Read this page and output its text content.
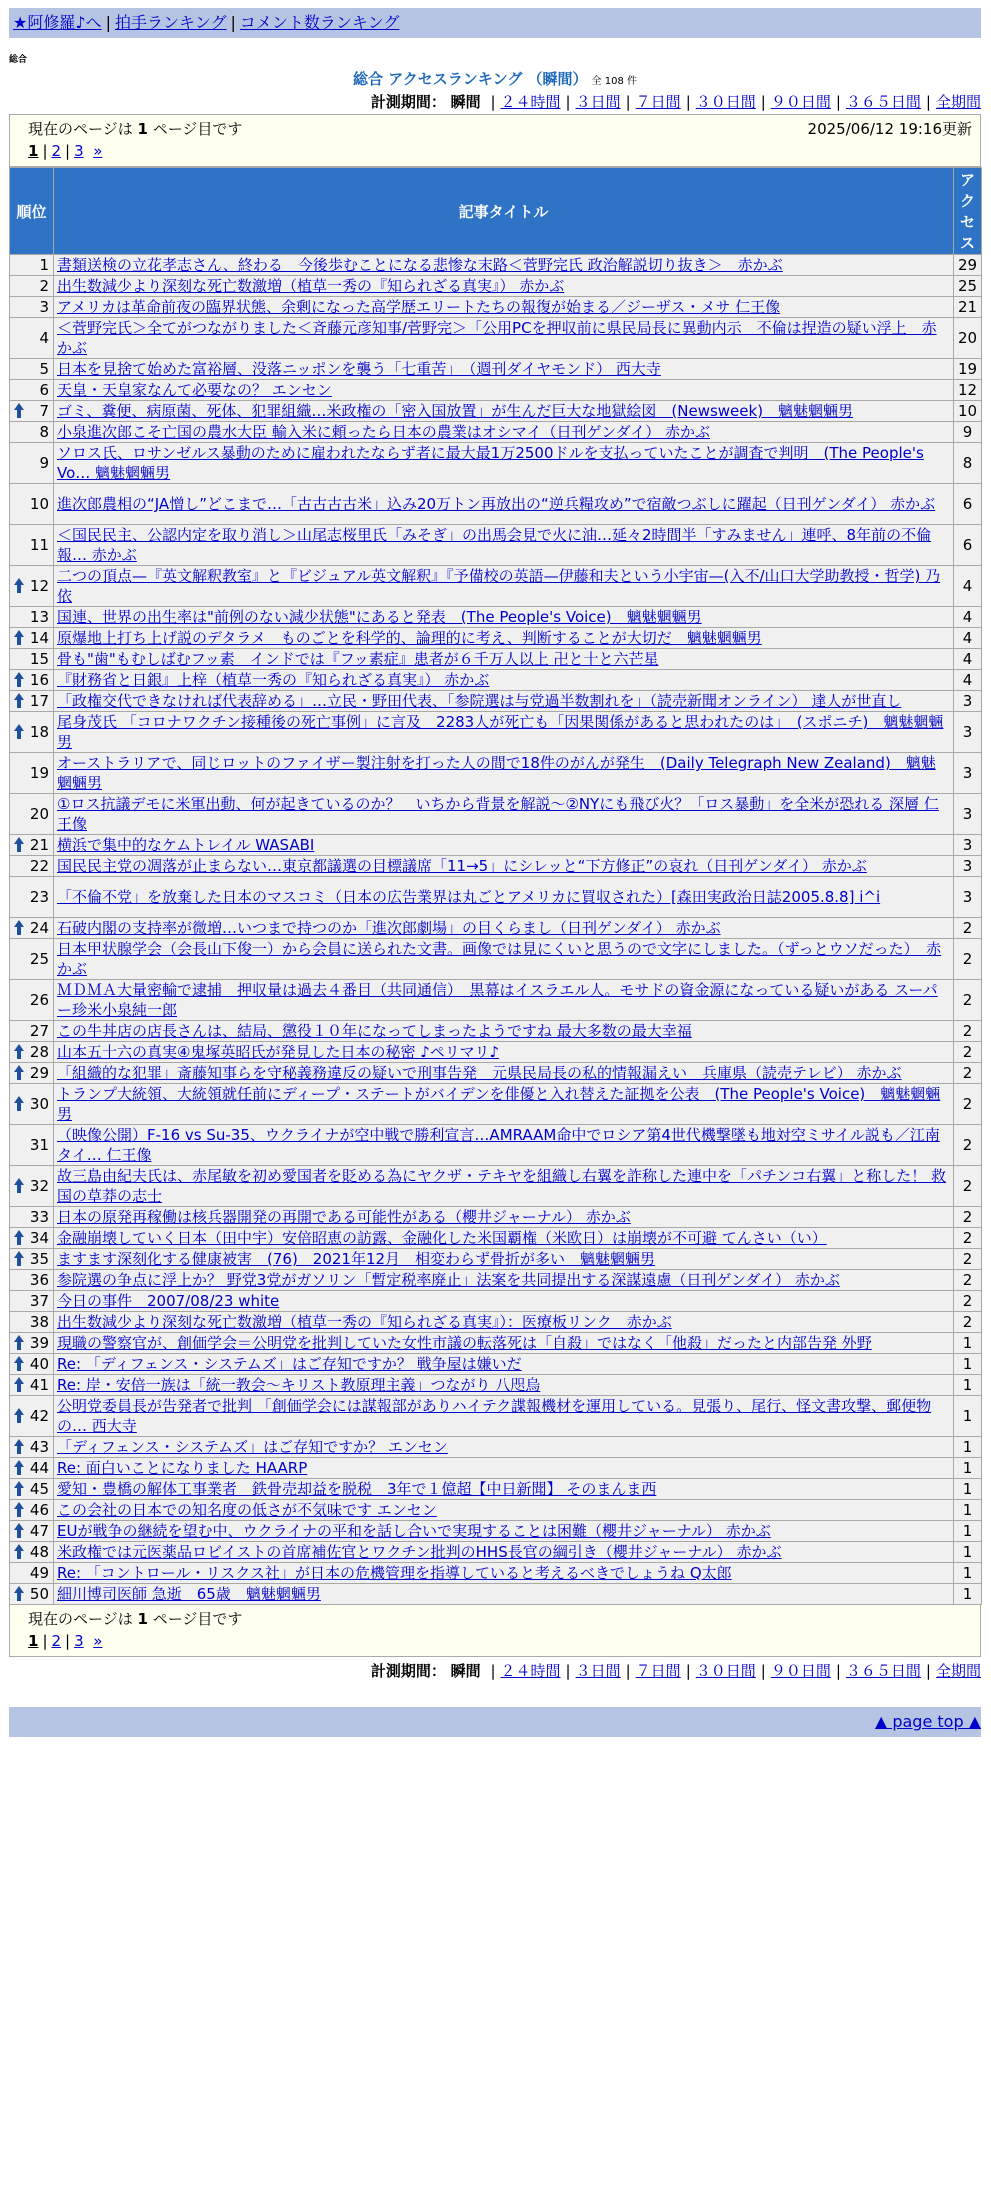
★阿修羅♪へ | 拍手ランキング | コメント数ランキング
総合
総合 アクセスランキング （瞬間） 全 108 件
計測期間： 瞬間 | ２４時間 | ３日間 | ７日間 | ３０日間 | ９０日間 | ３６５日間 | 全期間
現在のページは 1 ページ目です	2025/06/12 19:16更新
1 | 2 | 3 »
順位	記事タイトル	アクセス
1	書類送検の立花孝志さん、終わる　今後歩むことになる悲惨な末路＜菅野完氏 政治解説切り抜き＞　赤かぶ	29
2	出生数減少より深刻な死亡数激増（植草一秀の『知られざる真実』） 赤かぶ	25
3	アメリカは革命前夜の臨界状態、余剰になった高学歴エリートたちの報復が始まる／ジーザス・メサ 仁王像	21
4	＜菅野完氏＞全てがつながりました＜斉藤元彦知事/菅野完＞「公用PCを押収前に県民局長に異動内示　不倫は捏造の疑い浮上　赤かぶ	20
5	日本を見捨て始めた富裕層、没落ニッポンを襲う「七重苦」　（週刊ダイヤモンド） 西大寺	19
6	天皇・天皇家なんて必要なの？ エンセン	12

7	ゴミ、糞便、病原菌、死体、犯罪組織…米政権の「密入国放置」が生んだ巨大な地獄絵図　(Newsweek)　魑魅魍魎男	10
8	小泉進次郎こそ亡国の農水大臣 輸入米に頼ったら日本の農業はオシマイ（日刊ゲンダイ） 赤かぶ	9
9	ソロス氏、ロサンゼルス暴動のために雇われたならず者に最大最1万2500ドルを支払っていたことが調査で判明　(The People's Vo… 魑魅魍魎男	8
10	進次郎農相の“JA憎し”どこまで…「古古古古米」込み20万トン再放出の“逆兵糧攻め”で宿敵つぶしに躍起（日刊ゲンダイ） 赤かぶ	6
11	＜国民民主、公認内定を取り消し＞山尾志桜里氏「みそぎ」の出馬会見で火に油…延々2時間半「すみません」連呼、8年前の不倫報… 赤かぶ	6

12	二つの頂点—『英文解釈教室』と『ビジュアル英文解釈』『予備校の英語—伊藤和夫という小宇宙—(入不/山口大学助教授・哲学) 乃依	4
13	国連、世界の出生率は"前例のない減少状態"にあると発表　(The People's Voice)　魑魅魍魎男	4

14	原爆地上打ち上げ説のデタラメ　ものごとを科学的、論理的に考え、判断することが大切だ　魑魅魍魎男	4
15	骨も"歯"もむしばむフッ素　インドでは『フッ素症』患者が６千万人以上 卍と十と六芒星	4

16	『財務省と日銀』上梓（植草一秀の『知られざる真実』） 赤かぶ	4

17	「政権交代できなければ代表辞める」…立民・野田代表、「参院選は与党過半数割れを」（読売新聞オンライン） 達人が世直し	3

18	尾身茂氏 「コロナワクチン接種後の死亡事例」に言及　2283人が死亡も「因果関係があると思われたのは」　(スポニチ)　魑魅魍魎男	3
19	オーストラリアで、同じロットのファイザー製注射を打った人の間で18件のがんが発生　(Daily Telegraph New Zealand)　魑魅魍魎男	3
20	①ロス抗議デモに米軍出動、何が起きているのか？　いちから背景を解説～②NYにも飛び火？「ロス暴動」を全米が恐れる 深層 仁王像	3

21	横浜で集中的なケムトレイル WASABI	3
22	国民民主党の凋落が止まらない…東京都議選の目標議席「11→5」にシレッと“下方修正”の哀れ（日刊ゲンダイ） 赤かぶ	3
23	「不倫不党」を放棄した日本のマスコミ（日本の広告業界は丸ごとアメリカに買収された）[森田実政治日誌2005.8.8] i^i	3

24	石破内閣の支持率が微増…いつまで持つのか「進次郎劇場」の目くらまし（日刊ゲンダイ） 赤かぶ	2
25	日本甲状腺学会（会長山下俊一）から会員に送られた文書。画像では見にくいと思うので文字にしました。（ずっとウソだった）　赤かぶ	2
26	ＭＤＭＡ大量密輸で逮捕　押収量は過去４番目（共同通信）　黒幕はイスラエル人。モサドの資金源になっている疑いがある スーパー珍米小泉純一郎	2
27	この牛丼店の店長さんは、結局、懲役１０年になってしまったようですね 最大多数の最大幸福	2

28	山本五十六の真実④鬼塚英昭氏が発見した日本の秘密 ♪ペリマリ♪	2

29	「組織的な犯罪」斎藤知事らを守秘義務違反の疑いで刑事告発　元県民局長の私的情報漏えい　兵庫県（読売テレビ） 赤かぶ	2

30	トランプ大統領、大統領就任前にディープ・ステートがバイデンを俳優と入れ替えた証拠を公表　(The People's Voice)　魑魅魍魎男	2
31	（映像公開）F-16 vs Su-35、ウクライナが空中戦で勝利宣言…AMRAAM命中でロシア第4世代機撃墜も地対空ミサイル説も／江南タイ… 仁王像	2

32	故三島由紀夫氏は、赤尾敏を初め愛国者を貶める為にヤクザ・テキヤを組織し右翼を詐称した連中を「パチンコ右翼」と称した！ 救国の草莽の志士	2
33	日本の原発再稼働は核兵器開発の再開である可能性がある（櫻井ジャーナル） 赤かぶ	2

34	金融崩壊していく日本（田中宇）安倍昭恵の訪露、金融化した米国覇権（米欧日）は崩壊が不可避 てんさい（い）	2

35	ますます深刻化する健康被害　(76)　2021年12月　相変わらず骨折が多い　魑魅魍魎男	2
36	参院選の争点に浮上か？ 野党3党がガソリン「暫定税率廃止」法案を共同提出する深謀遠慮（日刊ゲンダイ） 赤かぶ	2
37	今日の事件　2007/08/23 white	2
38	出生数減少より深刻な死亡数激増（植草一秀の『知られざる真実』）：医療板リンク　赤かぶ	2

39	現職の警察官が、創価学会＝公明党を批判していた女性市議の転落死は「自殺」ではなく「他殺」だったと内部告発 外野	1

40	Re: 「ディフェンス・システムズ」はご存知ですか？ 戦争屋は嫌いだ	1

41	Re: 岸・安倍一族は「統一教会〜キリスト教原理主義」つながり 八咫烏	1

42	公明党委員長が告発者で批判 「創価学会には謀報部がありハイテク諜報機材を運用している。見張り、尾行、怪文書攻撃、郵便物の… 西大寺	1

43	「ディフェンス・システムズ」はご存知ですか？ エンセン	1

44	Re: 面白いことになりました HAARP	1

45	愛知・豊橋の解体工事業者　鉄骨売却益を脱税　3年で１億超【中日新聞】 そのまんま西	1

46	この会社の日本での知名度の低さが不気味です エンセン	1

47	EUが戦争の継続を望む中、ウクライナの平和を話し合いで実現することは困難（櫻井ジャーナル） 赤かぶ	1

48	米政権では元医薬品ロビイストの首席補佐官とワクチン批判のHHS長官の綱引き（櫻井ジャーナル） 赤かぶ	1
49	Re: 「コントロール・リスクス社」が日本の危機管理を指導していると考えるべきでしょうね Q太郎	1

50	細川博司医師 急逝　65歳　魑魅魍魎男	1
現在のページは 1 ページ目です
1 | 2 | 3 »
計測期間： 瞬間 | ２４時間 | ３日間 | ７日間 | ３０日間 | ９０日間 | ３６５日間 | 全期間
▲ page top ▲
